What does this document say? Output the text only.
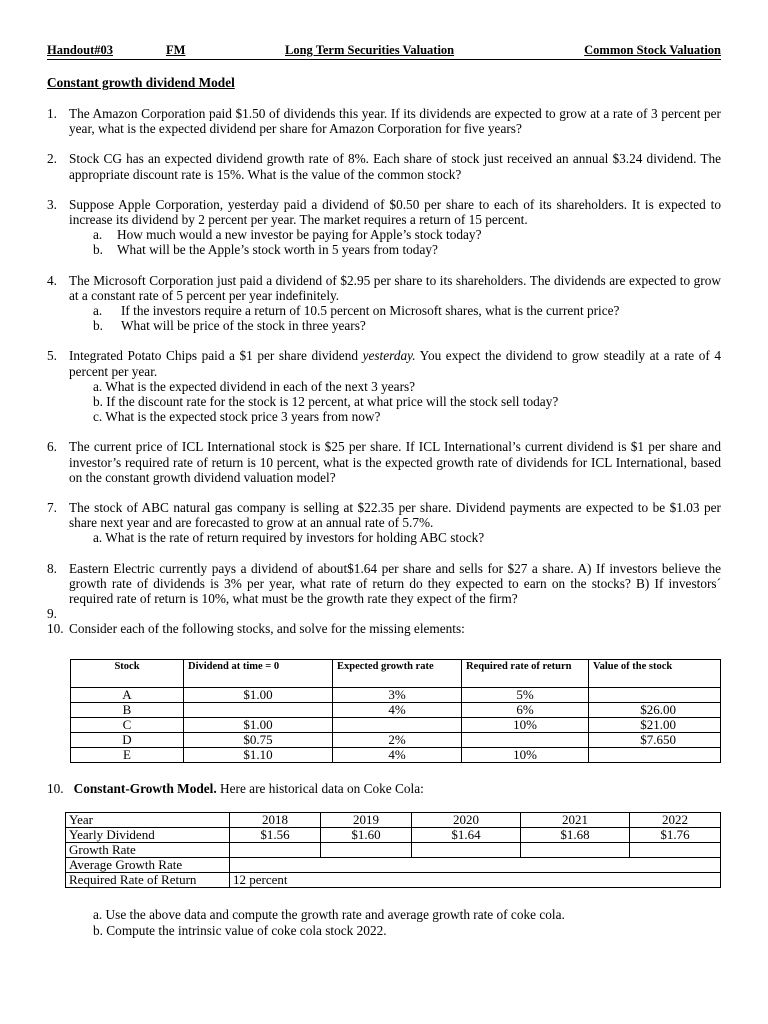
Handout#03	FM	Long Term Securities Valuation	Common Stock Valuation
Constant growth dividend Model
1. The Amazon Corporation paid $1.50 of dividends this year. If its dividends are expected to grow at a rate of 3 percent per year, what is the expected dividend per share for Amazon Corporation for five years?
2. Stock CG has an expected dividend growth rate of 8%. Each share of stock just received an annual $3.24 dividend. The appropriate discount rate is 15%. What is the value of the common stock?
3. Suppose Apple Corporation, yesterday paid a dividend of $0.50 per share to each of its shareholders. It is expected to increase its dividend by 2 percent per year. The market requires a return of 15 percent.
a. How much would a new investor be paying for Apple’s stock today?
b. What will be the Apple’s stock worth in 5 years from today?
4. The Microsoft Corporation just paid a dividend of $2.95 per share to its shareholders. The dividends are expected to grow at a constant rate of 5 percent per year indefinitely.
a. If the investors require a return of 10.5 percent on Microsoft shares, what is the current price?
b. What will be price of the stock in three years?
5. Integrated Potato Chips paid a $1 per share dividend yesterday. You expect the dividend to grow steadily at a rate of 4 percent per year.
a. What is the expected dividend in each of the next 3 years?
b. If the discount rate for the stock is 12 percent, at what price will the stock sell today?
c. What is the expected stock price 3 years from now?
6. The current price of ICL International stock is $25 per share. If ICL International’s current dividend is $1 per share and investor’s required rate of return is 10 percent, what is the expected growth rate of dividends for ICL International, based on the constant growth dividend valuation model?
7. The stock of ABC natural gas company is selling at $22.35 per share. Dividend payments are expected to be $1.03 per share next year and are forecasted to grow at an annual rate of 5.7%.
a. What is the rate of return required by investors for holding ABC stock?
8. Eastern Electric currently pays a dividend of about$1.64 per share and sells for $27 a share. A) If investors believe the growth rate of dividends is 3% per year, what rate of return do they expected to earn on the stocks? B) If investors´ required rate of return is 10%, what must be the growth rate they expect of the firm?
9.
10. Consider each of the following stocks, and solve for the missing elements:
Stock	Dividend at time = 0	Expected growth rate	Required rate of return	Value of the stock
A	$1.00	3%	5%	
B		4%	6%	$26.00
C	$1.00		10%	$21.00
D	$0.75	2%		$7.650
E	$1.10	4%	10%	
10. Constant-Growth Model. Here are historical data on Coke Cola:
Year	2018	2019	2020	2021	2022
Yearly Dividend	$1.56	$1.60	$1.64	$1.68	$1.76
Growth Rate					
Average Growth Rate					
Required Rate of Return	12 percent				
a. Use the above data and compute the growth rate and average growth rate of coke cola.
b. Compute the intrinsic value of coke cola stock 2022.
